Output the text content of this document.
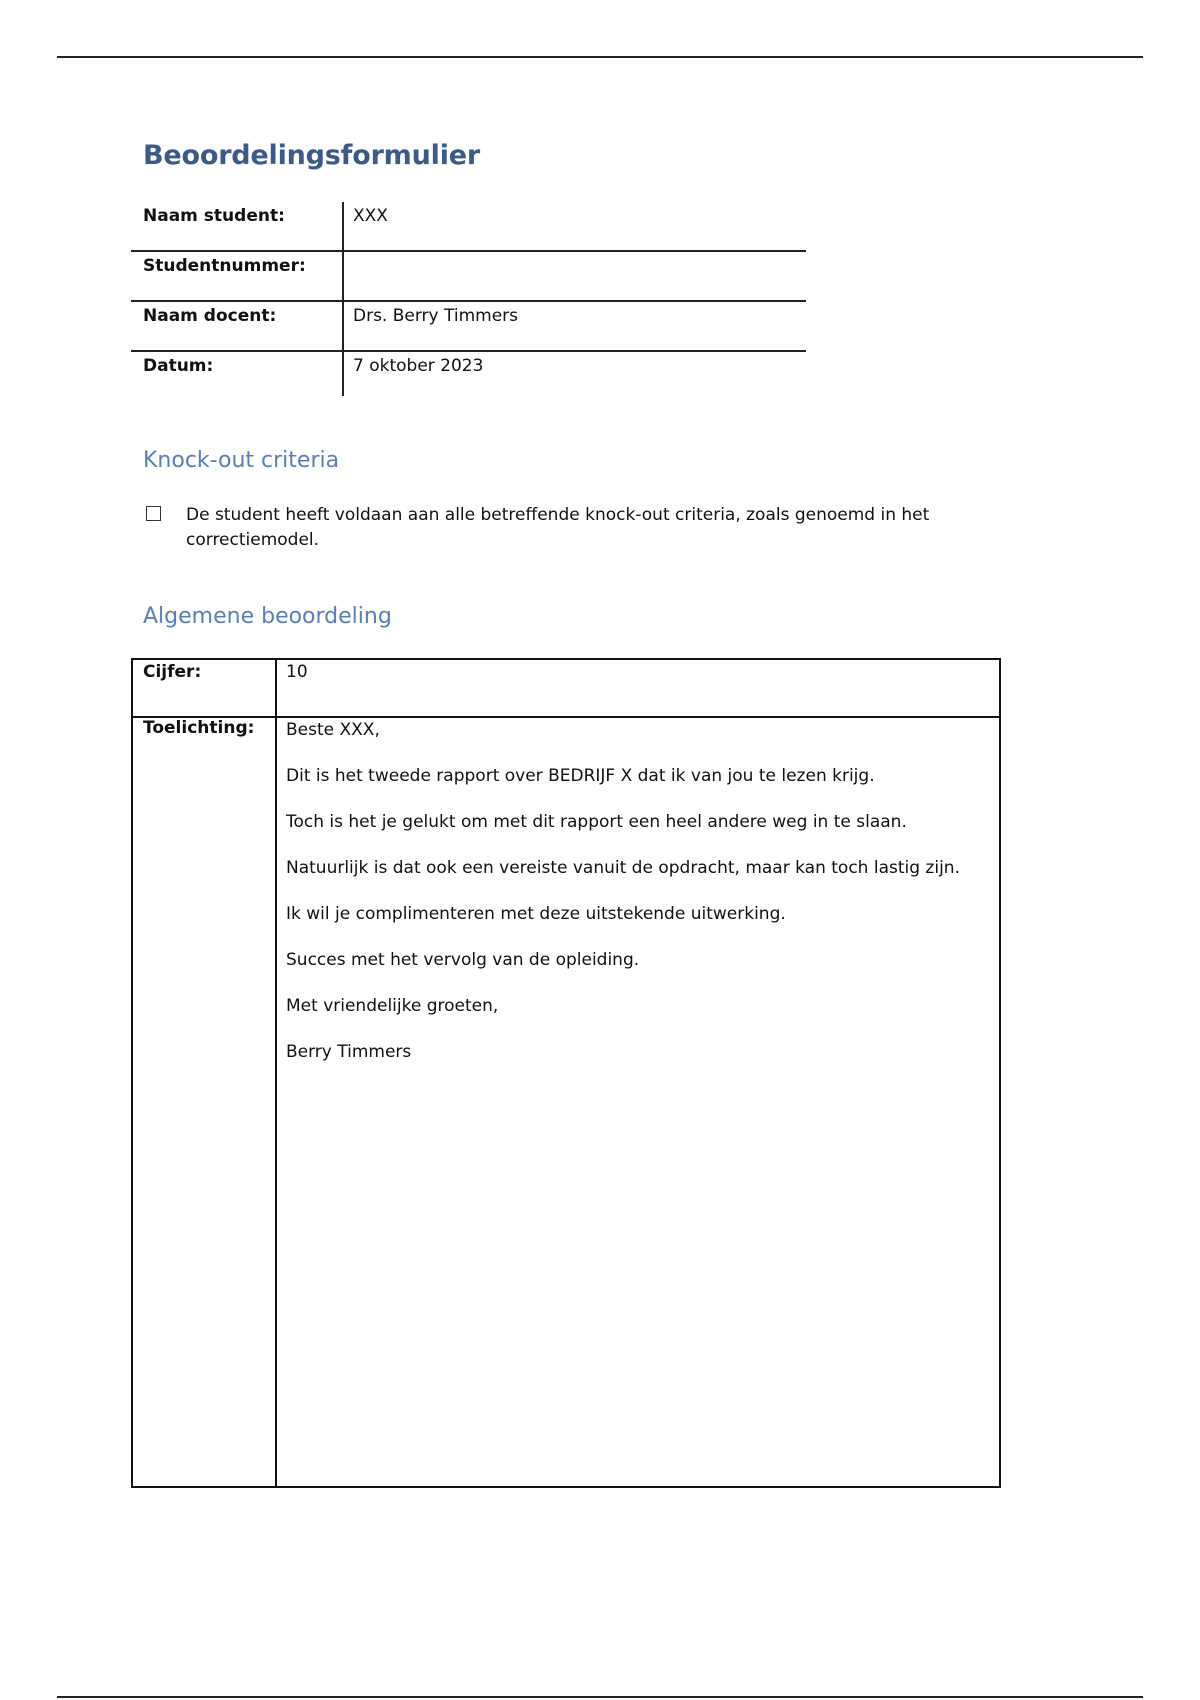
Beoordelingsformulier
Naam student:	XXX
Studentnummer:
Naam docent:	Drs. Berry Timmers
Datum:	7 oktober 2023
Knock-out criteria
De student heeft voldaan aan alle betreffende knock-out criteria, zoals genoemd in het correctiemodel.
Algemene beoordeling
Cijfer:	10
Toelichting: Beste XXX,

Dit is het tweede rapport over BEDRIJF X dat ik van jou te lezen krijg.

Toch is het je gelukt om met dit rapport een heel andere weg in te slaan.

Natuurlijk is dat ook een vereiste vanuit de opdracht, maar kan toch lastig zijn.

Ik wil je complimenteren met deze uitstekende uitwerking.

Succes met het vervolg van de opleiding.

Met vriendelijke groeten,

Berry Timmers
